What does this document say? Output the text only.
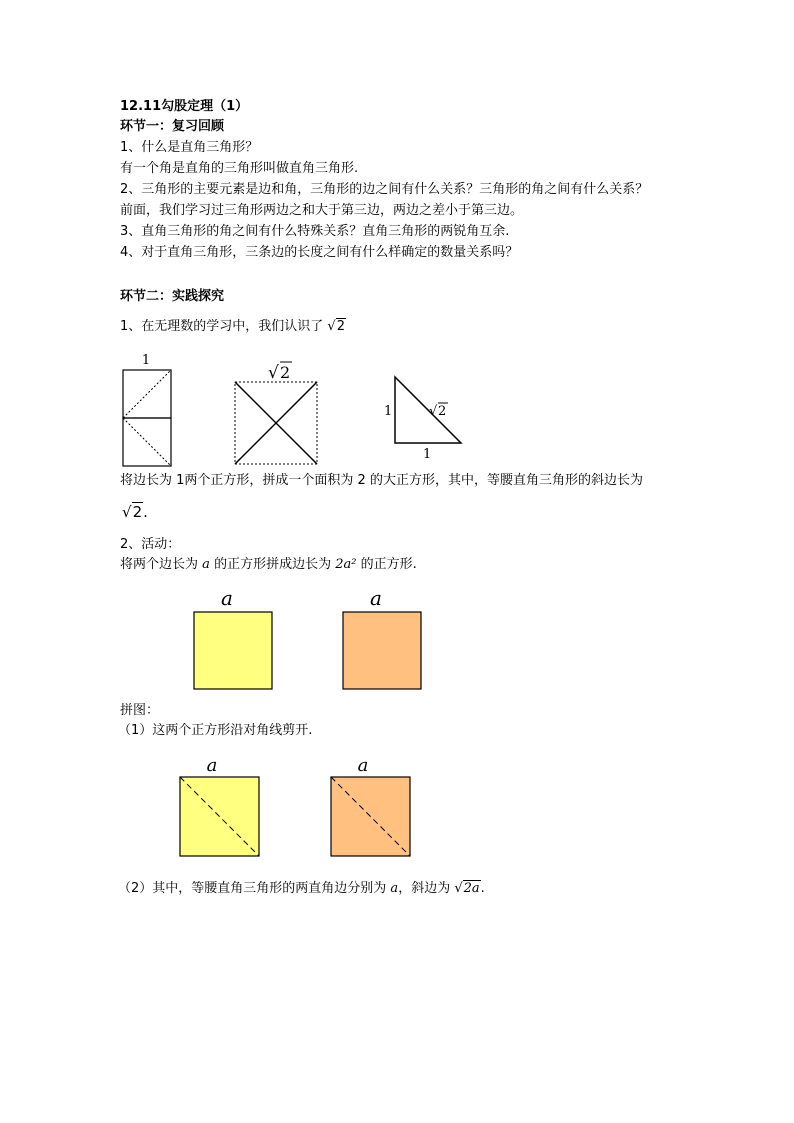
12.11勾股定理（1）
环节一：复习回顾
1、什么是直角三角形？
有一个角是直角的三角形叫做直角三角形.
2、三角形的主要元素是边和角，三角形的边之间有什么关系？三角形的角之间有什么关系？
前面，我们学习过三角形两边之和大于第三边，两边之差小于第三边。
3、直角三角形的角之间有什么特殊关系？直角三角形的两锐角互余.
4、对于直角三角形，三条边的长度之间有什么样确定的数量关系吗？
环节二：实践探究
1、在无理数的学习中，我们认识了 √2
1
√ 2
1	√ 2
1
将边长为 1两个正方形，拼成一个面积为 2 的大正方形，其中，等腰直角三角形的斜边长为
√2.
2、活动：
将两个边长为 a 的正方形拼成边长为 2a² 的正方形.
a	a
拼图：
（1）这两个正方形沿对角线剪开.
a	a
（2）其中，等腰直角三角形的两直角边分别为 a，斜边为 √2a.
